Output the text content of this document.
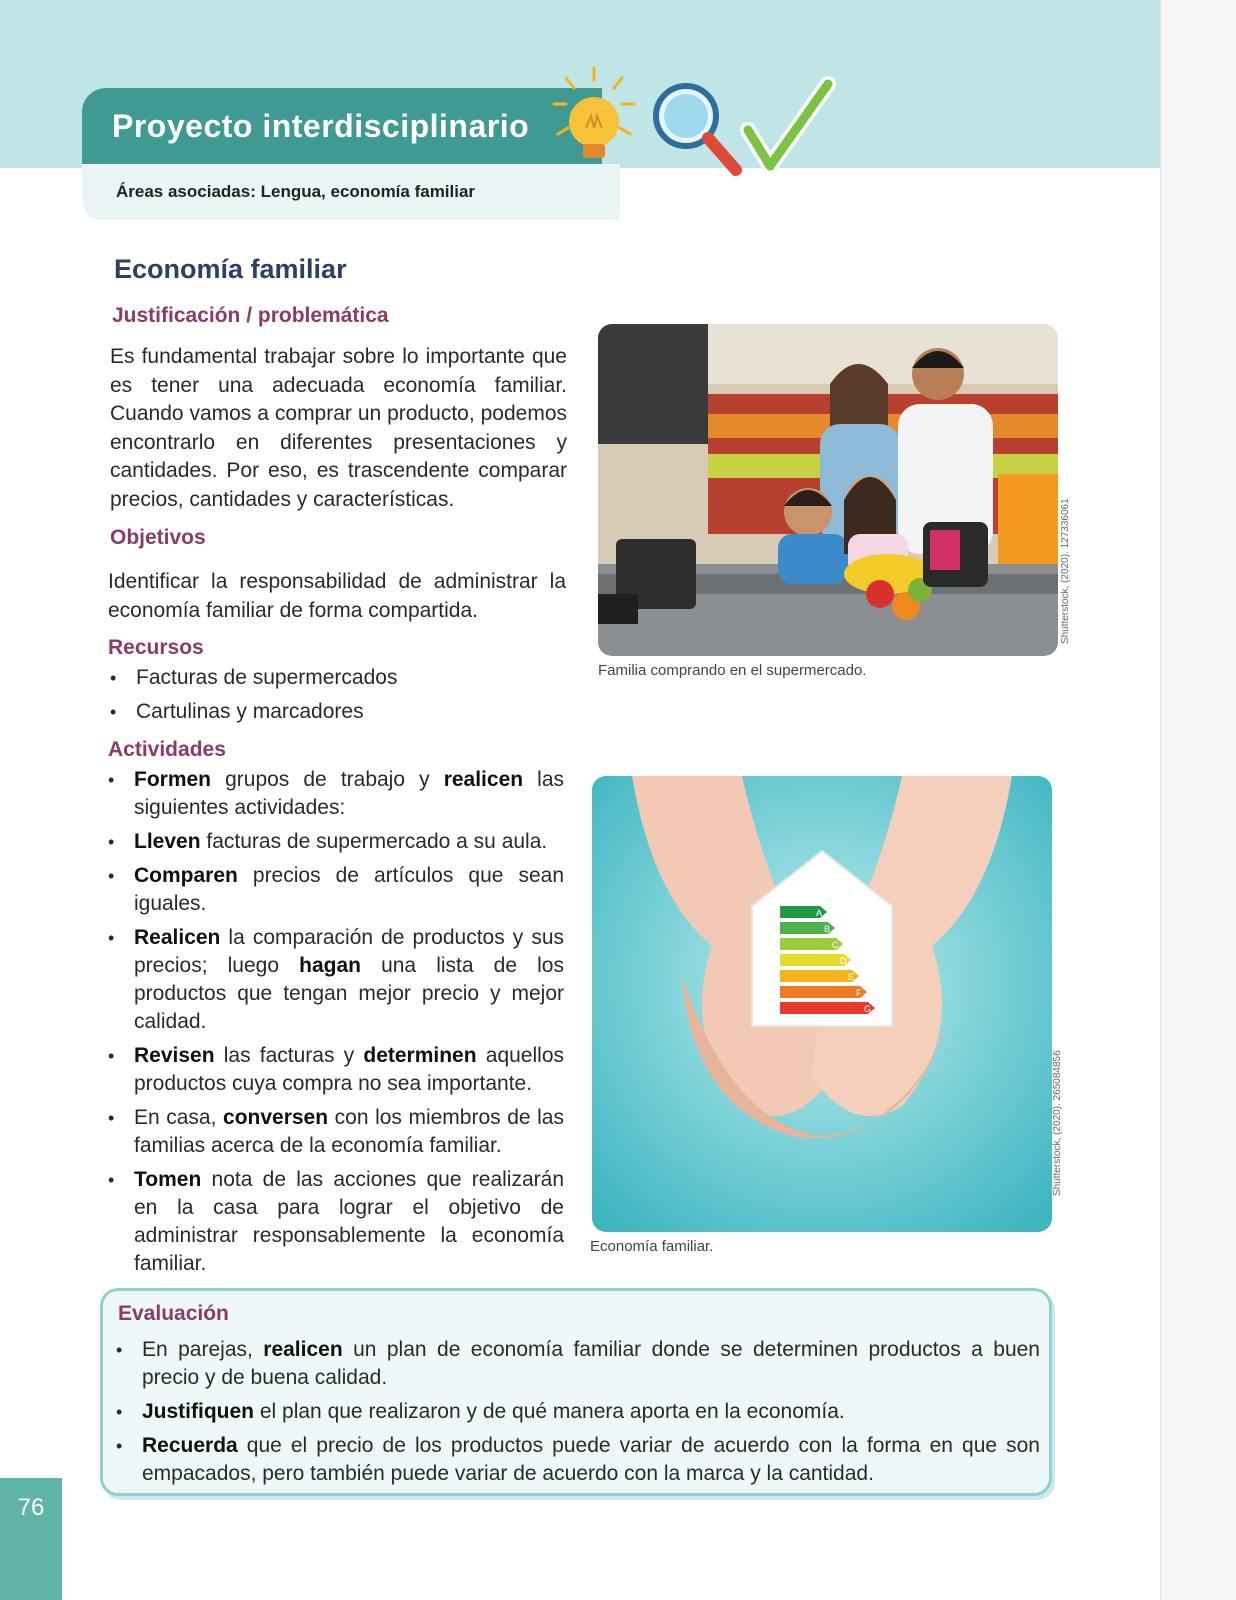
Proyecto interdisciplinario
Áreas asociadas:
Lengua, economía familiar
Economía familiar
Justificación / problemática
Es fundamental trabajar sobre lo importante que es tener una adecuada economía familiar. Cuando vamos a comprar un producto, podemos encontrarlo en diferentes presentaciones y cantidades. Por eso, es trascendente comparar precios, cantidades y características.
Objetivos
Identificar la responsabilidad de administrar la economía familiar de forma compartida.
Recursos
• Facturas de supermercados
• Cartulinas y marcadores
Actividades
• Formen grupos de trabajo y realicen las siguientes actividades:
• Lleven facturas de supermercado a su aula.
• Comparen precios de artículos que sean iguales.
• Realicen la comparación de productos y sus precios; luego hagan una lista de los productos que tengan mejor precio y mejor calidad.
• Revisen las facturas y determinen aquellos productos cuya compra no sea importante.
• En casa, conversen con los miembros de las familias acerca de la economía familiar.
• Tomen nota de las acciones que realizarán en la casa para lograr el objetivo de administrar responsablemente la economía familiar.
Shutterstock, (2020). 127336061
Familia comprando en el supermercado.
A
B
C
D
E
F
G
Shutterstock, (2020). 265084856
Economía familiar.
Evaluación
• En parejas, realicen un plan de economía familiar donde se determinen productos a buen precio y de buena calidad.
• Justifiquen el plan que realizaron y de qué manera aporta en la economía.
• Recuerda que el precio de los productos puede variar de acuerdo con la forma en que son empacados, pero también puede variar de acuerdo con la marca y la cantidad.
76
